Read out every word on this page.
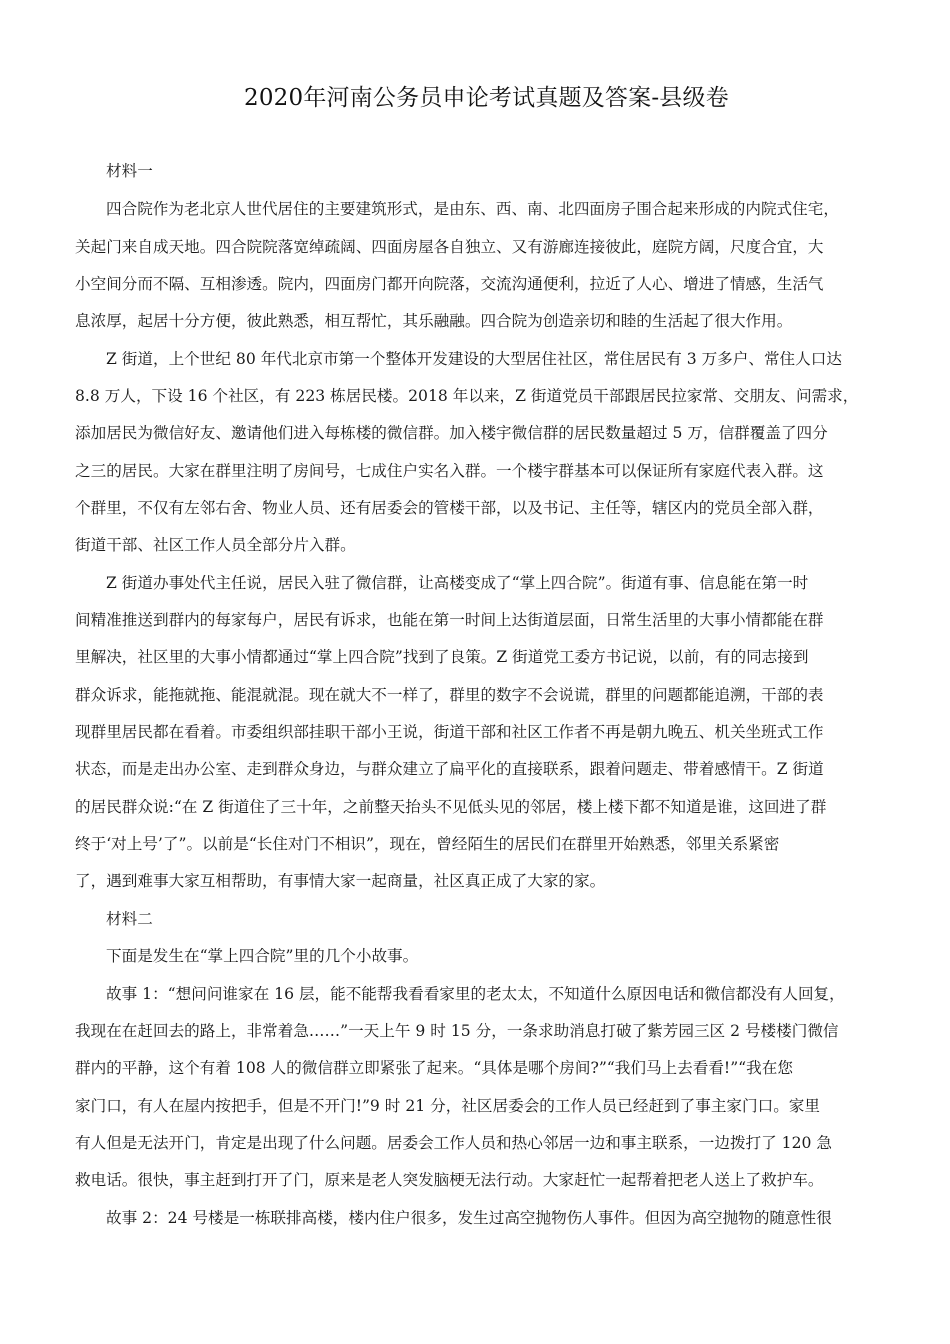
2020年河南公务员申论考试真题及答案-县级卷
材料一
四合院作为老北京人世代居住的主要建筑形式，是由东、西、南、北四面房子围合起来形成的内院式住宅，
关起门来自成天地。四合院院落宽绰疏阔、四面房屋各自独立、又有游廊连接彼此，庭院方阔，尺度合宜，大
小空间分而不隔、互相渗透。院内，四面房门都开向院落，交流沟通便利，拉近了人心、增进了情感，生活气
息浓厚，起居十分方便，彼此熟悉，相互帮忙，其乐融融。四合院为创造亲切和睦的生活起了很大作用。
Z 街道，上个世纪 80 年代北京市第一个整体开发建设的大型居住社区，常住居民有 3 万多户、常住人口达
8.8 万人，下设 16 个社区，有 223 栋居民楼。2018 年以来，Z 街道党员干部跟居民拉家常、交朋友、问需求，
添加居民为微信好友、邀请他们进入每栋楼的微信群。加入楼宇微信群的居民数量超过 5 万，信群覆盖了四分
之三的居民。大家在群里注明了房间号，七成住户实名入群。一个楼宇群基本可以保证所有家庭代表入群。这
个群里，不仅有左邻右舍、物业人员、还有居委会的管楼干部，以及书记、主任等，辖区内的党员全部入群，
街道干部、社区工作人员全部分片入群。
Z 街道办事处代主任说，居民入驻了微信群，让高楼变成了“掌上四合院”。街道有事、信息能在第一时
间精准推送到群内的每家每户，居民有诉求，也能在第一时间上达街道层面，日常生活里的大事小情都能在群
里解决，社区里的大事小情都通过“掌上四合院”找到了良策。Z 街道党工委方书记说，以前，有的同志接到
群众诉求，能拖就拖、能混就混。现在就大不一样了，群里的数字不会说谎，群里的问题都能追溯，干部的表
现群里居民都在看着。市委组织部挂职干部小王说，街道干部和社区工作者不再是朝九晚五、机关坐班式工作
状态，而是走出办公室、走到群众身边，与群众建立了扁平化的直接联系，跟着问题走、带着感情干。Z 街道
的居民群众说:“在 Z 街道住了三十年，之前整天抬头不见低头见的邻居，楼上楼下都不知道是谁，这回进了群
终于‘对上号’了”。以前是“长住对门不相识”，现在，曾经陌生的居民们在群里开始熟悉，邻里关系紧密
了，遇到难事大家互相帮助，有事情大家一起商量，社区真正成了大家的家。
材料二
下面是发生在“掌上四合院”里的几个小故事。
故事 1：“想问问谁家在 16 层，能不能帮我看看家里的老太太，不知道什么原因电话和微信都没有人回复，
我现在在赶回去的路上，非常着急……”一天上午 9 时 15 分，一条求助消息打破了紫芳园三区 2 号楼楼门微信
群内的平静，这个有着 108 人的微信群立即紧张了起来。“具体是哪个房间?”“我们马上去看看!”“我在您
家门口，有人在屋内按把手，但是不开门!”9 时 21 分，社区居委会的工作人员已经赶到了事主家门口。家里
有人但是无法开门，肯定是出现了什么问题。居委会工作人员和热心邻居一边和事主联系，一边拨打了 120 急
救电话。很快，事主赶到打开了门，原来是老人突发脑梗无法行动。大家赶忙一起帮着把老人送上了救护车。
故事 2：24 号楼是一栋联排高楼，楼内住户很多，发生过高空抛物伤人事件。但因为高空抛物的随意性很
